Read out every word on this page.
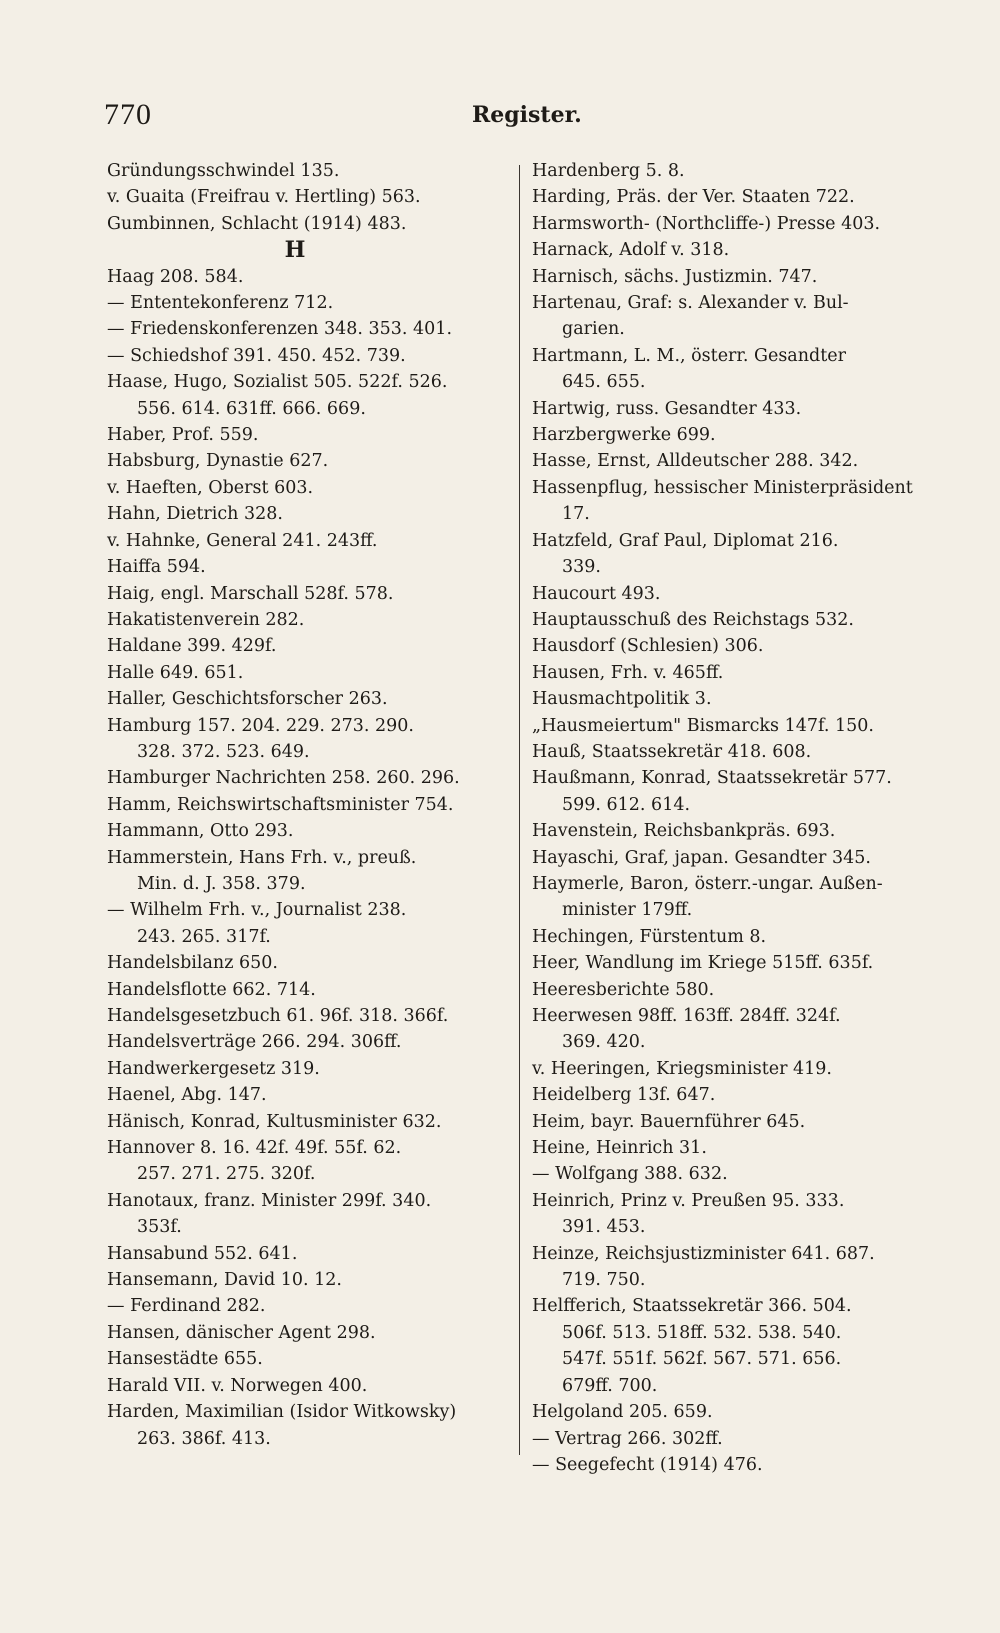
770	Register.
Gründungsschwindel 135.
v. Guaita (Freifrau v. Hertling) 563.
Gumbinnen, Schlacht (1914) 483.
H
Haag 208. 584.
— Ententekonferenz 712.
— Friedenskonferenzen 348. 353. 401.
— Schiedshof 391. 450. 452. 739.
Haase, Hugo, Sozialist 505. 522f. 526.
556. 614. 631ff. 666. 669.
Haber, Prof. 559.
Habsburg, Dynastie 627.
v. Haeften, Oberst 603.
Hahn, Dietrich 328.
v. Hahnke, General 241. 243ff.
Haiffa 594.
Haig, engl. Marschall 528f. 578.
Hakatistenverein 282.
Haldane 399. 429f.
Halle 649. 651.
Haller, Geschichtsforscher 263.
Hamburg 157. 204. 229. 273. 290.
328. 372. 523. 649.
Hamburger Nachrichten 258. 260. 296.
Hamm, Reichswirtschaftsminister 754.
Hammann, Otto 293.
Hammerstein, Hans Frh. v., preuß.
Min. d. J. 358. 379.
— Wilhelm Frh. v., Journalist 238.
243. 265. 317f.
Handelsbilanz 650.
Handelsflotte 662. 714.
Handelsgesetzbuch 61. 96f. 318. 366f.
Handelsverträge 266. 294. 306ff.
Handwerkergesetz 319.
Haenel, Abg. 147.
Hänisch, Konrad, Kultusminister 632.
Hannover 8. 16. 42f. 49f. 55f. 62.
257. 271. 275. 320f.
Hanotaux, franz. Minister 299f. 340.
353f.
Hansabund 552. 641.
Hansemann, David 10. 12.
— Ferdinand 282.
Hansen, dänischer Agent 298.
Hansestädte 655.
Harald VII. v. Norwegen 400.
Harden, Maximilian (Isidor Witkowsky)
263. 386f. 413.
Hardenberg 5. 8.
Harding, Präs. der Ver. Staaten 722.
Harmsworth- (Northcliffe-) Presse 403.
Harnack, Adolf v. 318.
Harnisch, sächs. Justizmin. 747.
Hartenau, Graf: s. Alexander v. Bul-
garien.
Hartmann, L. M., österr. Gesandter
645. 655.
Hartwig, russ. Gesandter 433.
Harzbergwerke 699.
Hasse, Ernst, Alldeutscher 288. 342.
Hassenpflug, hessischer Ministerpräsident
17.
Hatzfeld, Graf Paul, Diplomat 216.
339.
Haucourt 493.
Hauptausschuß des Reichstags 532.
Hausdorf (Schlesien) 306.
Hausen, Frh. v. 465ff.
Hausmachtpolitik 3.
„Hausmeiertum" Bismarcks 147f. 150.
Hauß, Staatssekretär 418. 608.
Haußmann, Konrad, Staatssekretär 577.
599. 612. 614.
Havenstein, Reichsbankpräs. 693.
Hayaschi, Graf, japan. Gesandter 345.
Haymerle, Baron, österr.-ungar. Außen-
minister 179ff.
Hechingen, Fürstentum 8.
Heer, Wandlung im Kriege 515ff. 635f.
Heeresberichte 580.
Heerwesen 98ff. 163ff. 284ff. 324f.
369. 420.
v. Heeringen, Kriegsminister 419.
Heidelberg 13f. 647.
Heim, bayr. Bauernführer 645.
Heine, Heinrich 31.
— Wolfgang 388. 632.
Heinrich, Prinz v. Preußen 95. 333.
391. 453.
Heinze, Reichsjustizminister 641. 687.
719. 750.
Helfferich, Staatssekretär 366. 504.
506f. 513. 518ff. 532. 538. 540.
547f. 551f. 562f. 567. 571. 656.
679ff. 700.
Helgoland 205. 659.
— Vertrag 266. 302ff.
— Seegefecht (1914) 476.
